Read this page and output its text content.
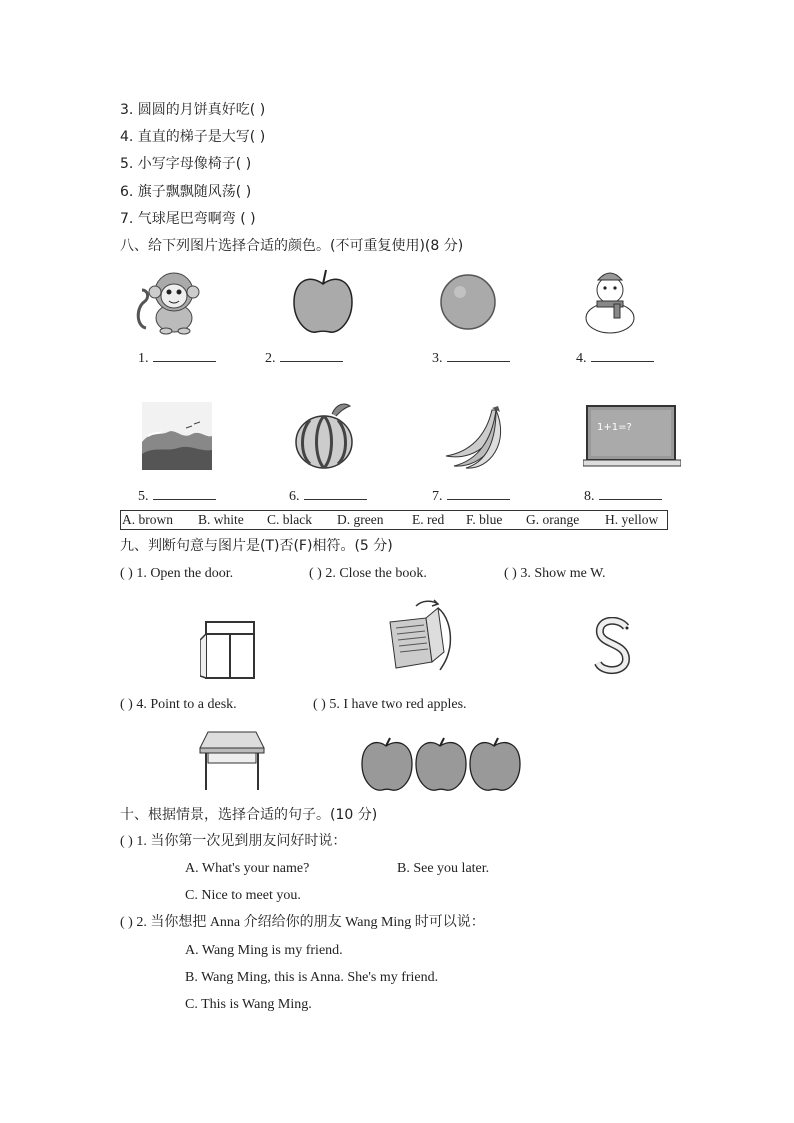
3. 圆圆的月饼真好吃( )
4. 直直的梯子是大写( )
5. 小写字母像椅子( )
6. 旗子飘飘随风荡( )
7. 气球尾巴弯啊弯 ( )
八、给下列图片选择合适的颜色。(不可重复使用)(8 分)
1.	2.	3.	4.
1+1=?
5.	6.	7.	8.
A. brown B. white C. black D. green E. red F. blue G. orange H. yellow
九、判断句意与图片是(T)否(F)相符。(5 分)
( ) 1. Open the door.	( ) 2. Close the book.	( ) 3. Show me W.
( ) 4. Point to a desk.	( ) 5. I have two red apples.
十、根据情景，选择合适的句子。(10 分)
( ) 1. 当你第一次见到朋友问好时说：
A. What's your name?	B. See you later.
C. Nice to meet you.
( ) 2. 当你想把 Anna 介绍给你的朋友 Wang Ming 时可以说：
A. Wang Ming is my friend.
B. Wang Ming, this is Anna. She's my friend.
C. This is Wang Ming.
